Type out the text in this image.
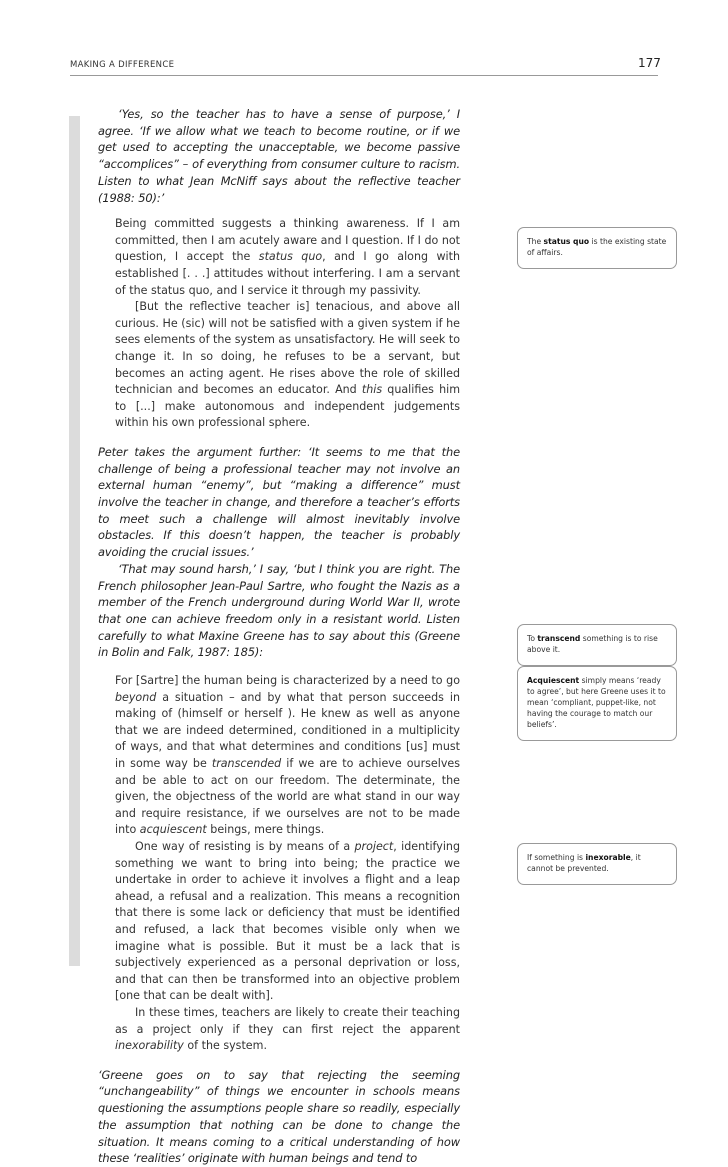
MAKING A DIFFERENCE	177

‘Yes, so the teacher has to have a sense of purpose,’ I agree. ‘If we allow what we teach to become routine, or if we get used to accepting the unacceptable, we become passive “accomplices” – of everything from consumer culture to racism. Listen to what Jean McNiff says about the reflective teacher (1988: 50):’

Being committed suggests a thinking awareness. If I am committed, then I am acutely aware and I question. If I do not question, I accept the status quo, and I go along with established [. . .] attitudes without interfering. I am a servant of the status quo, and I service it through my passivity.

[But the reflective teacher is] tenacious, and above all curious. He (sic) will not be satisfied with a given system if he sees elements of the system as unsatisfactory. He will seek to change it. In so doing, he refuses to be a servant, but becomes an acting agent. He rises above the role of skilled technician and becomes an educator. And this qualifies him to [...] make autonomous and independent judgements within his own professional sphere.

Peter takes the argument further: ‘It seems to me that the challenge of being a professional teacher may not involve an external human “enemy”, but “making a difference” must involve the teacher in change, and therefore a teacher’s efforts to meet such a challenge will almost inevitably involve obstacles. If this doesn’t happen, the teacher is probably avoiding the crucial issues.’

‘That may sound harsh,’ I say, ‘but I think you are right. The French philosopher Jean-Paul Sartre, who fought the Nazis as a member of the French underground during World War II, wrote that one can achieve freedom only in a resistant world. Listen carefully to what Maxine Greene has to say about this (Greene in Bolin and Falk, 1987: 185):

For [Sartre] the human being is characterized by a need to go beyond a situation – and by what that person succeeds in making of (himself or herself ). He knew as well as anyone that we are indeed determined, conditioned in a multiplicity of ways, and that what determines and conditions [us] must in some way be transcended if we are to achieve ourselves and be able to act on our freedom. The determinate, the given, the objectness of the world are what stand in our way and require resistance, if we ourselves are not to be made into acquiescent beings, mere things.

One way of resisting is by means of a project, identifying something we want to bring into being; the practice we undertake in order to achieve it involves a flight and a leap ahead, a refusal and a realization. This means a recognition that there is some lack or deficiency that must be identified and refused, a lack that becomes visible only when we imagine what is possible. But it must be a lack that is subjectively experienced as a personal deprivation or loss, and that can then be transformed into an objective problem [one that can be dealt with].

In these times, teachers are likely to create their teaching as a project only if they can first reject the apparent inexorability of the system.

‘Greene goes on to say that rejecting the seeming “unchangeability” of things we encounter in schools means questioning the assumptions people share so readily, especially the assumption that nothing can be done to change the situation. It means coming to a critical understanding of how these ‘realities’ originate with human beings and tend to

The status quo is the existing state of affairs.
To transcend something is to rise above it.
Acquiescent simply means ‘ready to agree’, but here Greene uses it to mean ‘compliant, puppet-like, not having the courage to match our beliefs’.
If something is inexorable, it cannot be prevented.
